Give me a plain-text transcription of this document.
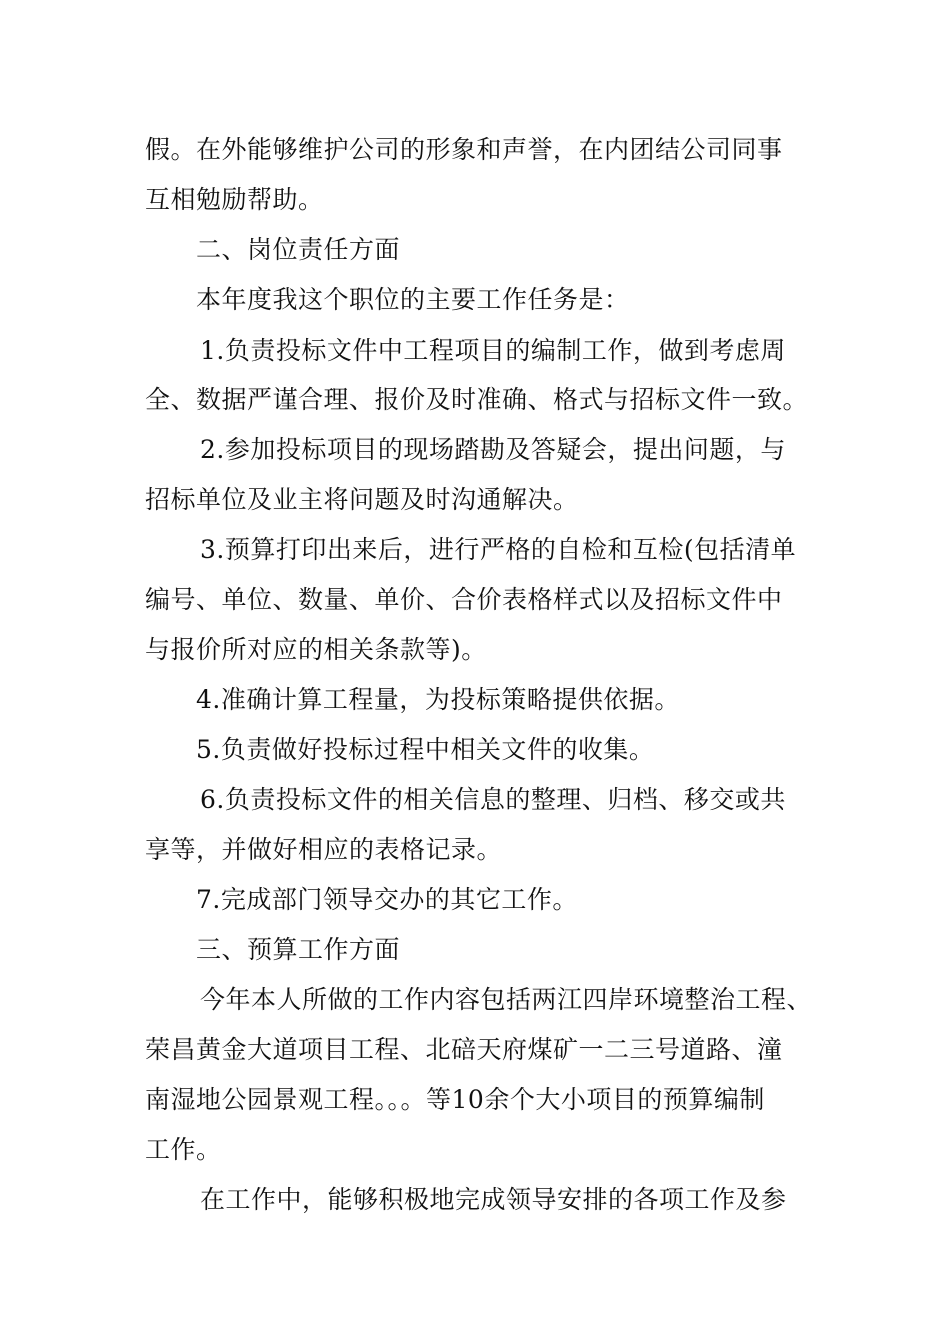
假。在外能够维护公司的形象和声誉，在内团结公司同事
互相勉励帮助。
二、岗位责任方面
本年度我这个职位的主要工作任务是：
1.负责投标文件中工程项目的编制工作，做到考虑周
全、数据严谨合理、报价及时准确、格式与招标文件一致。
2.参加投标项目的现场踏勘及答疑会，提出问题，与
招标单位及业主将问题及时沟通解决。
3.预算打印出来后，进行严格的自检和互检(包括清单
编号、单位、数量、单价、合价表格样式以及招标文件中
与报价所对应的相关条款等)。
4.准确计算工程量，为投标策略提供依据。
5.负责做好投标过程中相关文件的收集。
6.负责投标文件的相关信息的整理、归档、移交或共
享等，并做好相应的表格记录。
7.完成部门领导交办的其它工作。
三、预算工作方面
今年本人所做的工作内容包括两江四岸环境整治工程、
荣昌黄金大道项目工程、北碚天府煤矿一二三号道路、潼
南湿地公园景观工程。。。等10余个大小项目的预算编制
工作。
在工作中，能够积极地完成领导安排的各项工作及参
